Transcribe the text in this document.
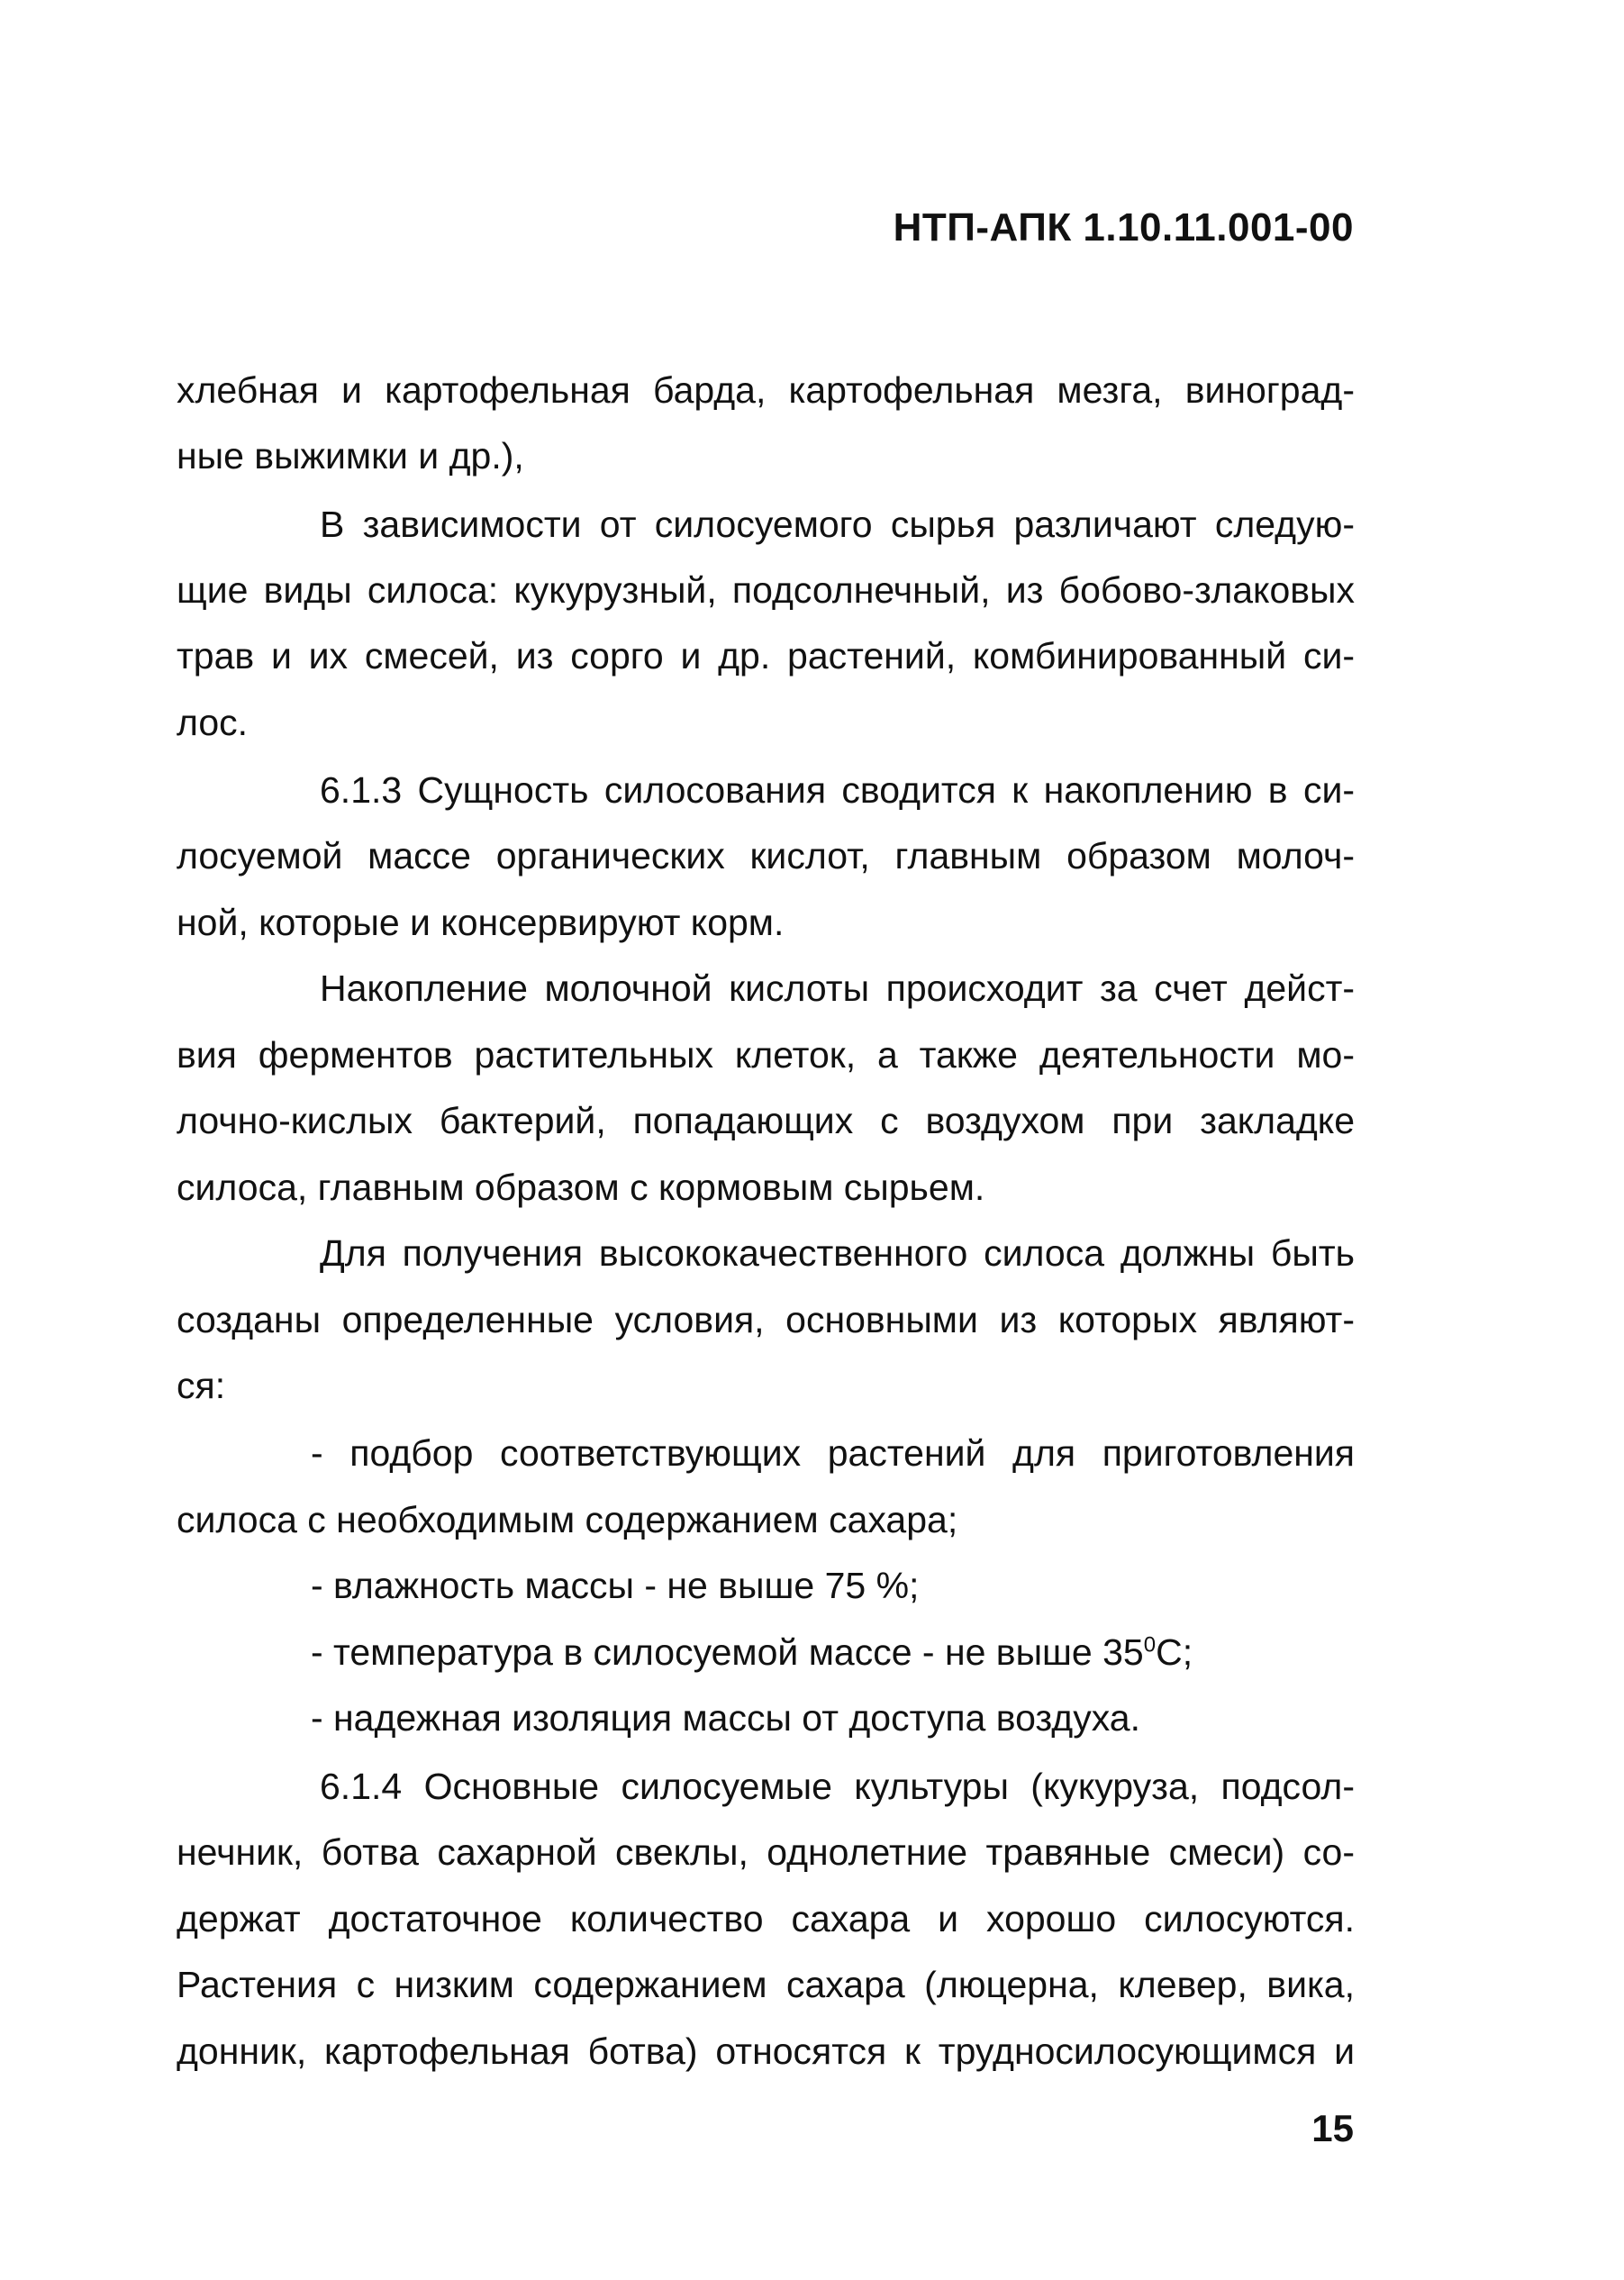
НТП-АПК 1.10.11.001-00
хлебная и картофельная барда, картофельная мезга, виноград-
ные выжимки и др.),
В зависимости от силосуемого сырья различают следую-
щие виды силоса: кукурузный, подсолнечный, из бобово-злаковых
трав и их смесей, из сорго и др. растений, комбинированный си-
лос.
6.1.3 Сущность силосования сводится к накоплению в си-
лосуемой массе органических кислот, главным образом молоч-
ной, которые и консервируют корм.
Накопление молочной кислоты происходит за счет дейст-
вия ферментов растительных клеток, а также деятельности мо-
лочно-кислых бактерий, попадающих с воздухом при закладке
силоса, главным образом с кормовым сырьем.
Для получения высококачественного силоса должны быть
созданы определенные условия, основными из которых являют-
ся:
- подбор соответствующих растений для приготовления
силоса с необходимым содержанием сахара;
- влажность массы - не выше 75 %;
- температура в силосуемой массе - не выше $35^0С$;
- надежная изоляция массы от доступа воздуха.
6.1.4 Основные силосуемые культуры (кукуруза, подсол-
нечник, ботва сахарной свеклы, однолетние травяные смеси) со-
держат достаточное количество сахара и хорошо силосуются.
Растения с низким содержанием сахара (люцерна, клевер, вика,
донник, картофельная ботва) относятся к трудносилосующимся и
15
